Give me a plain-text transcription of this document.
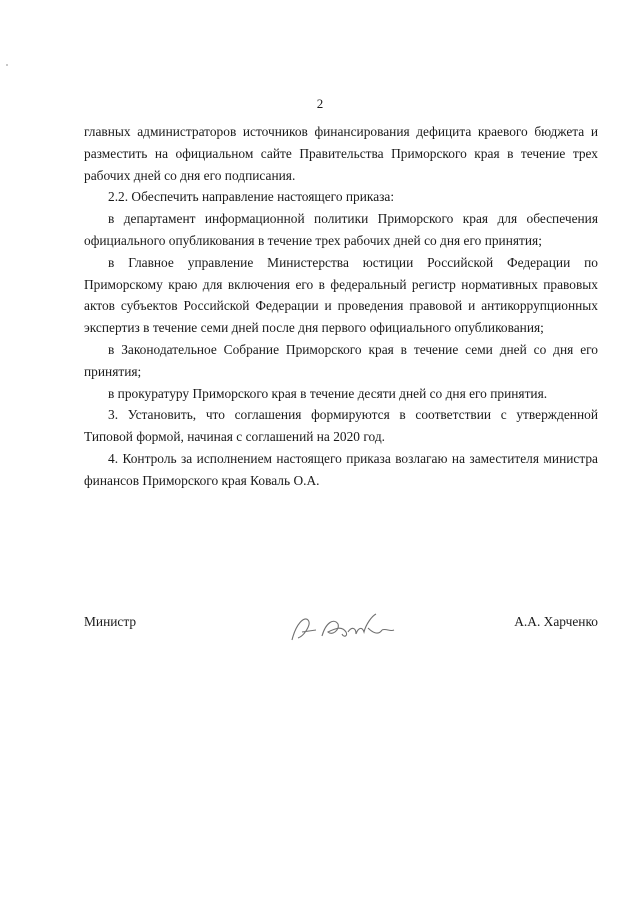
2

главных администраторов источников финансирования дефицита краевого бюджета и разместить на официальном сайте Правительства Приморского края в течение трех рабочих дней со дня его подписания.

2.2. Обеспечить направление настоящего приказа:

в департамент информационной политики Приморского края для обеспечения официального опубликования в течение трех рабочих дней со дня его принятия;

в Главное управление Министерства юстиции Российской Федерации по Приморскому краю для включения его в федеральный регистр нормативных правовых актов субъектов Российской Федерации и проведения правовой и антикоррупционных экспертиз в течение семи дней после дня первого официального опубликования;

в Законодательное Собрание Приморского края в течение семи дней со дня его принятия;

в прокуратуру Приморского края в течение десяти дней со дня его принятия.

3. Установить, что соглашения формируются в соответствии с утвержденной Типовой формой, начиная с соглашений на 2020 год.

4. Контроль за исполнением настоящего приказа возлагаю на заместителя министра финансов Приморского края Коваль О.А.

Министр	А.А. Харченко
